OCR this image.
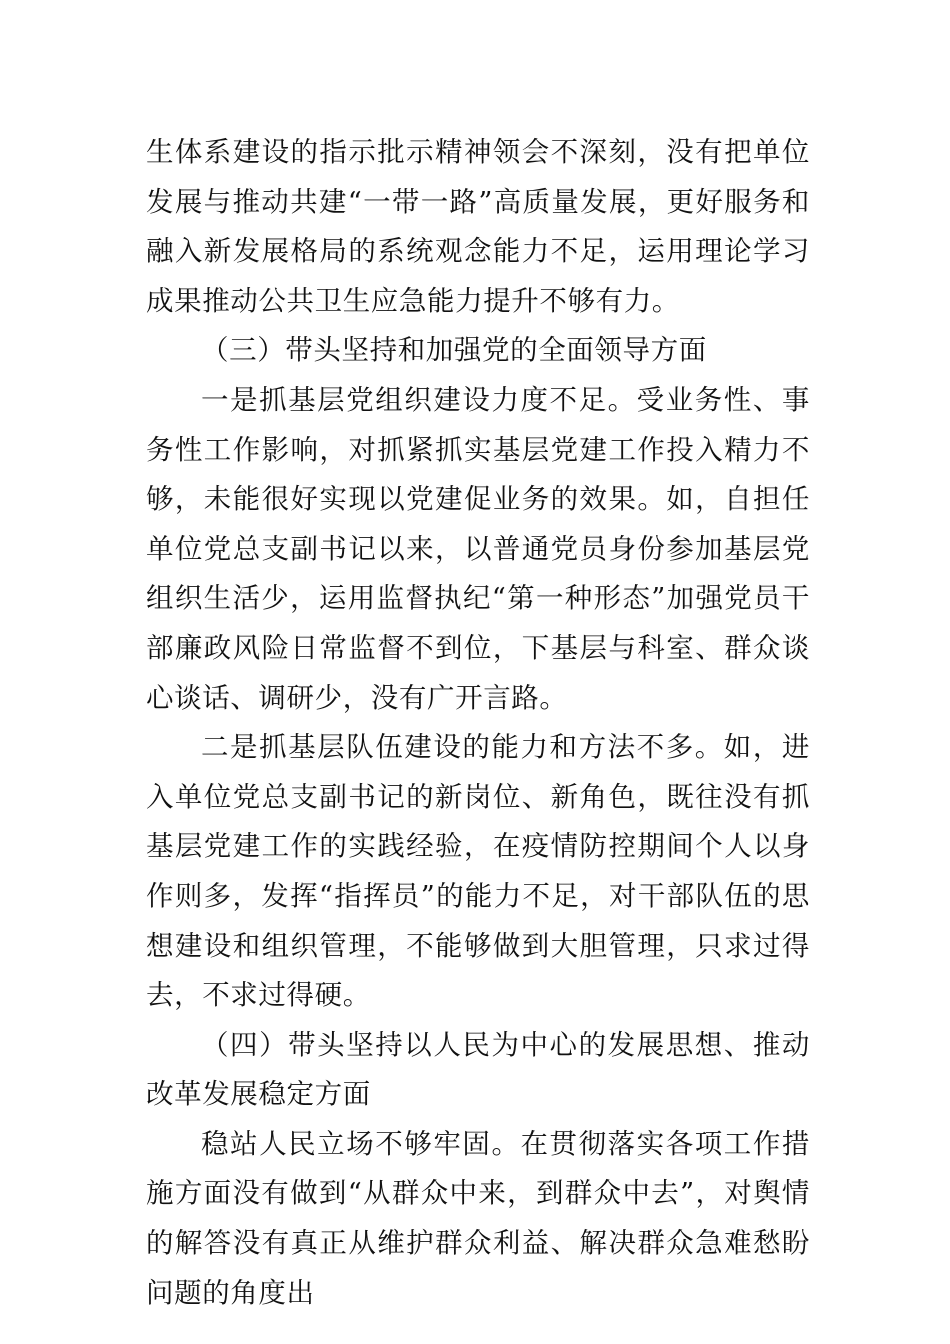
生体系建设的指示批示精神领会不深刻，没有把单位发展与推动共建“一带一路”高质量发展，更好服务和融入新发展格局的系统观念能力不足，运用理论学习成果推动公共卫生应急能力提升不够有力。

（三）带头坚持和加强党的全面领导方面

一是抓基层党组织建设力度不足。受业务性、事务性工作影响，对抓紧抓实基层党建工作投入精力不够，未能很好实现以党建促业务的效果。如，自担任单位党总支副书记以来，以普通党员身份参加基层党组织生活少，运用监督执纪“第一种形态”加强党员干部廉政风险日常监督不到位，下基层与科室、群众谈心谈话、调研少，没有广开言路。

二是抓基层队伍建设的能力和方法不多。如，进入单位党总支副书记的新岗位、新角色，既往没有抓基层党建工作的实践经验，在疫情防控期间个人以身作则多，发挥“指挥员”的能力不足，对干部队伍的思想建设和组织管理，不能够做到大胆管理，只求过得去，不求过得硬。

（四）带头坚持以人民为中心的发展思想、推动改革发展稳定方面

稳站人民立场不够牢固。在贯彻落实各项工作措施方面没有做到“从群众中来，到群众中去”，对舆情的解答没有真正从维护群众利益、解决群众急难愁盼问题的角度出
